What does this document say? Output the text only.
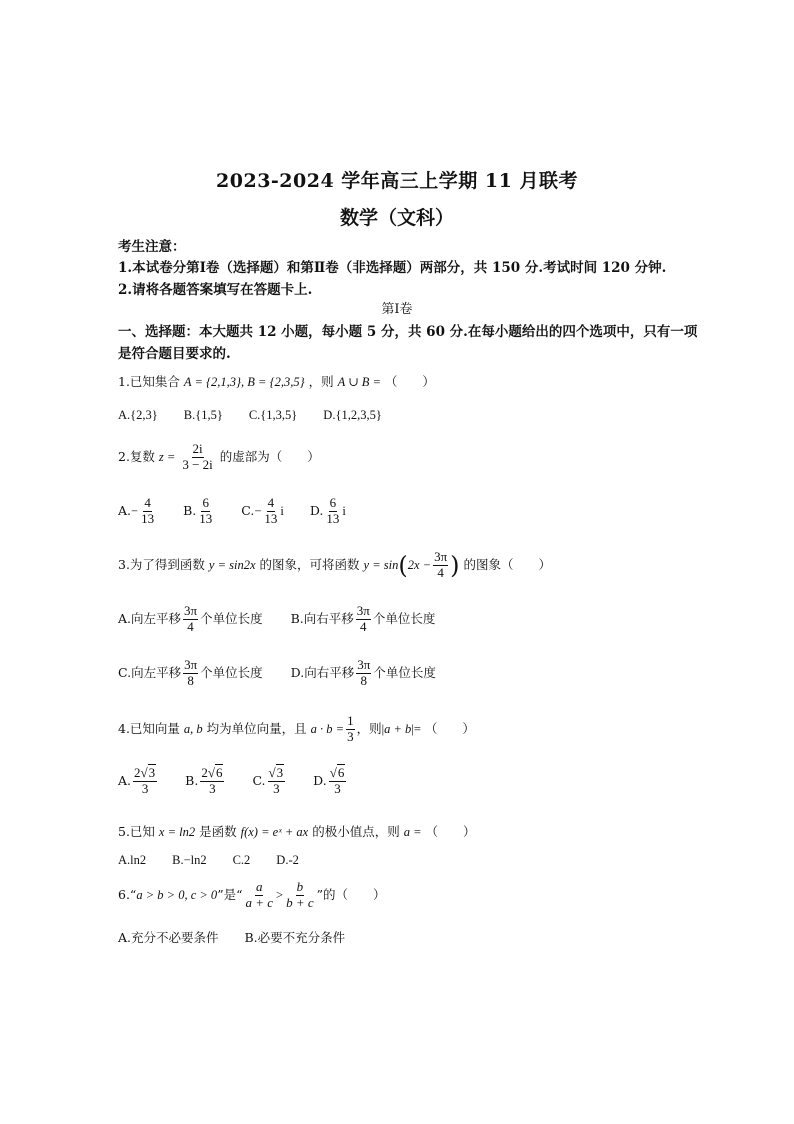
2023-2024 学年高三上学期 11 月联考
数学（文科）
考生注意：
1.本试卷分第Ⅰ卷（选择题）和第Ⅱ卷（非选择题）两部分，共 150 分.考试时间 120 分钟.
2.请将各题答案填写在答题卡上.
第Ⅰ卷
一、选择题：本大题共 12 小题，每小题 5 分，共 60 分.在每小题给出的四个选项中，只有一项
是符合题目要求的.
1.已知集合 A = {2,1,3}, B = {2,3,5} ，则 A ∪ B = （　　）
A.{2,3} B.{1,5} C.{1,3,5} D.{1,2,3,5}
2.复数 $z = \frac{2i}{3 - 2i}$ 的虚部为（　　）
$A.- \frac{4}{13} B$. $\frac{6}{13} C.- \frac{4}{13}$ i D. $\frac{6}{13}$ i
3.为了得到函数 y = sin2x 的图象，可将函数 $y = \sin(2x - \frac{3\pi}{4}$ ) 的图象（　　）
A.向左平移 $\frac{3\pi}{4}$ 个单位长度 B.向右平移 $\frac{3\pi}{4}$ 个单位长度
C.向左平移 $\frac{3\pi}{8}$ 个单位长度 D.向右平移 $\frac{3\pi}{8}$ 个单位长度
4.已知向量 a, b 均为单位向量，且 $a \cdot b = \frac{1}{3}$ ，则|a + b|= （　　）
A. $\frac{2√3}{3} B$. $\frac{2√6}{3} C$. $\frac{√3}{3} D$. $\frac{√6}{3}$
5.已知 x = ln2 是函数 f(x) = eˣ + ax 的极小值点，则 a = （　　）
A.ln2 B.−ln2 C.2 D.-2
6.“a > b > 0, c > 0”是“ $\frac{a}{a + c} > \frac{b}{b + c}$ ”的（　　）
A.充分不必要条件 B.必要不充分条件
